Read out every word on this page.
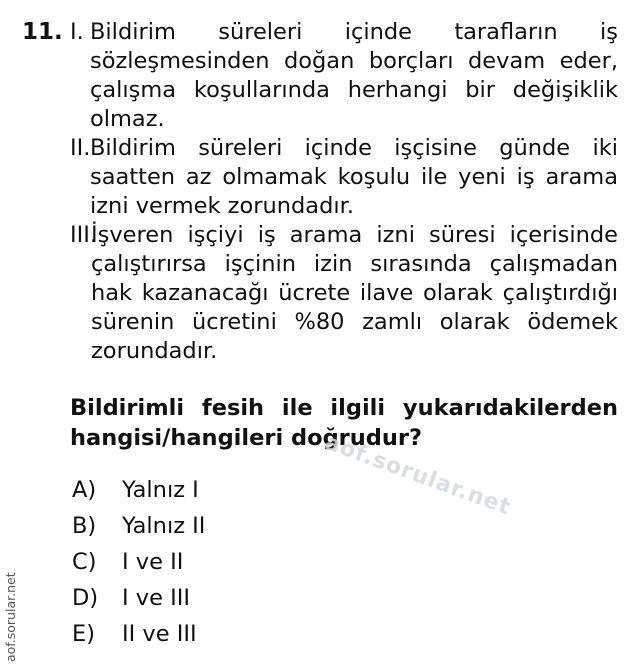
11. I. Bildirim süreleri içinde tarafların iş sözleşmesinden doğan borçları devam eder, çalışma koşullarında herhangi bir değişiklik olmaz.
II. Bildirim süreleri içinde işçisine günde iki saatten az olmamak koşulu ile yeni iş arama izni vermek zorundadır.
III.
İşveren işçiyi iş arama izni süresi içerisinde çalıştırırsa işçinin izin sırasında çalışmadan hak kazanacağı ücrete ilave olarak çalıştırdığı sürenin ücretini %80 zamlı olarak ödemek zorundadır.
Bildirimli fesih ile ilgili yukarıdakilerden hangisi/hangileri doğrudur?
A)	Yalnız I
B)	Yalnız II
C)	I ve II
D)	I ve III
E)	II ve III
aof.sorular.net
aof.sorular.net
